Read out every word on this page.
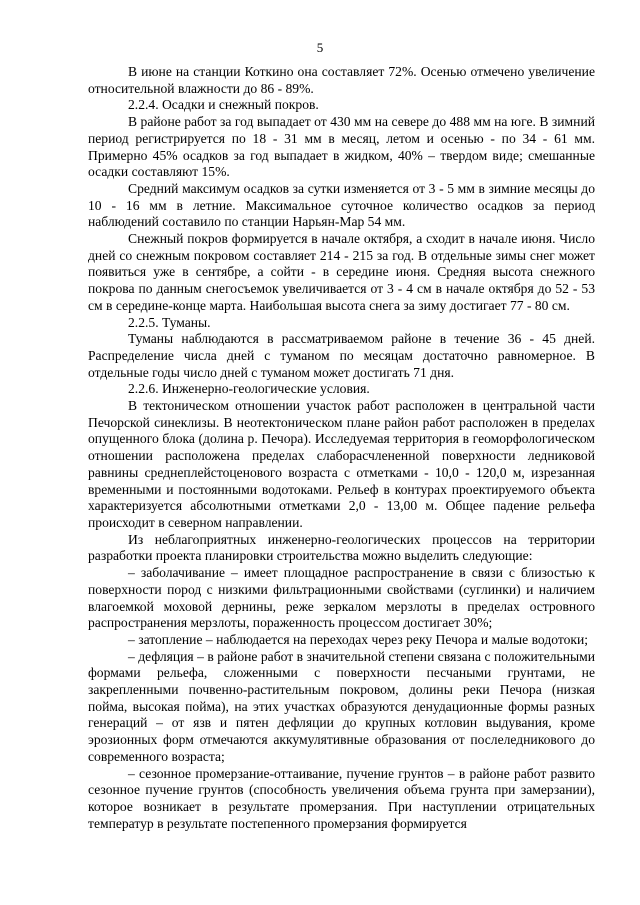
5

В июне на станции Коткино она составляет 72%. Осенью отмечено увеличение относительной влажности до 86 - 89%.

2.2.4. Осадки и снежный покров.

В районе работ за год выпадает от 430 мм на севере до 488 мм на юге. В зимний период регистрируется по 18 - 31 мм в месяц, летом и осенью - по 34 - 61 мм. Примерно 45% осадков за год выпадает в жидком, 40% – твердом виде; смешанные осадки составляют 15%.

Средний максимум осадков за сутки изменяется от 3 - 5 мм в зимние месяцы до 10 - 16 мм в летние. Максимальное суточное количество осадков за период наблюдений составило по станции Нарьян-Мар 54 мм.

Снежный покров формируется в начале октября, а сходит в начале июня. Число дней со снежным покровом составляет 214 - 215 за год. В отдельные зимы снег может появиться уже в сентябре, а сойти - в середине июня. Средняя высота снежного покрова по данным снегосъемок увеличивается от 3 - 4 см в начале октября до 52 - 53 см в середине-конце марта. Наибольшая высота снега за зиму достигает 77 - 80 см.

2.2.5. Туманы.

Туманы наблюдаются в рассматриваемом районе в течение 36 - 45 дней. Распределение числа дней с туманом по месяцам достаточно равномерное. В отдельные годы число дней с туманом может достигать 71 дня.

2.2.6. Инженерно-геологические условия.

В тектоническом отношении участок работ расположен в центральной части Печорской синеклизы. В неотектоническом плане район работ расположен в пределах опущенного блока (долина р. Печора). Исследуемая территория в геоморфологическом отношении расположена пределах слаборасчлененной поверхности ледниковой равнины среднеплейстоценового возраста с отметками - 10,0 - 120,0 м, изрезанная временными и постоянными водотоками. Рельеф в контурах проектируемого объекта характеризуется абсолютными отметками 2,0 - 13,00 м. Общее падение рельефа происходит в северном направлении.

Из неблагоприятных инженерно-геологических процессов на территории разработки проекта планировки строительства можно выделить следующие:

– заболачивание – имеет площадное распространение в связи с близостью к поверхности пород с низкими фильтрационными свойствами (суглинки) и наличием влагоемкой моховой дернины, реже зеркалом мерзлоты в пределах островного распространения мерзлоты, пораженность процессом достигает 30%;

– затопление – наблюдается на переходах через реку Печора и малые водотоки;

– дефляция – в районе работ в значительной степени связана с положительными формами рельефа, сложенными с поверхности песчаными грунтами, не закрепленными почвенно-растительным покровом, долины реки Печора (низкая пойма, высокая пойма), на этих участках образуются денудационные формы разных генераций – от язв и пятен дефляции до крупных котловин выдувания, кроме эрозионных форм отмечаются аккумулятивные образования от послеледникового до современного возраста;

– сезонное промерзание-оттаивание, пучение грунтов – в районе работ развито сезонное пучение грунтов (способность увеличения объема грунта при замерзании), которое возникает в результате промерзания. При наступлении отрицательных температур в результате постепенного промерзания формируется
